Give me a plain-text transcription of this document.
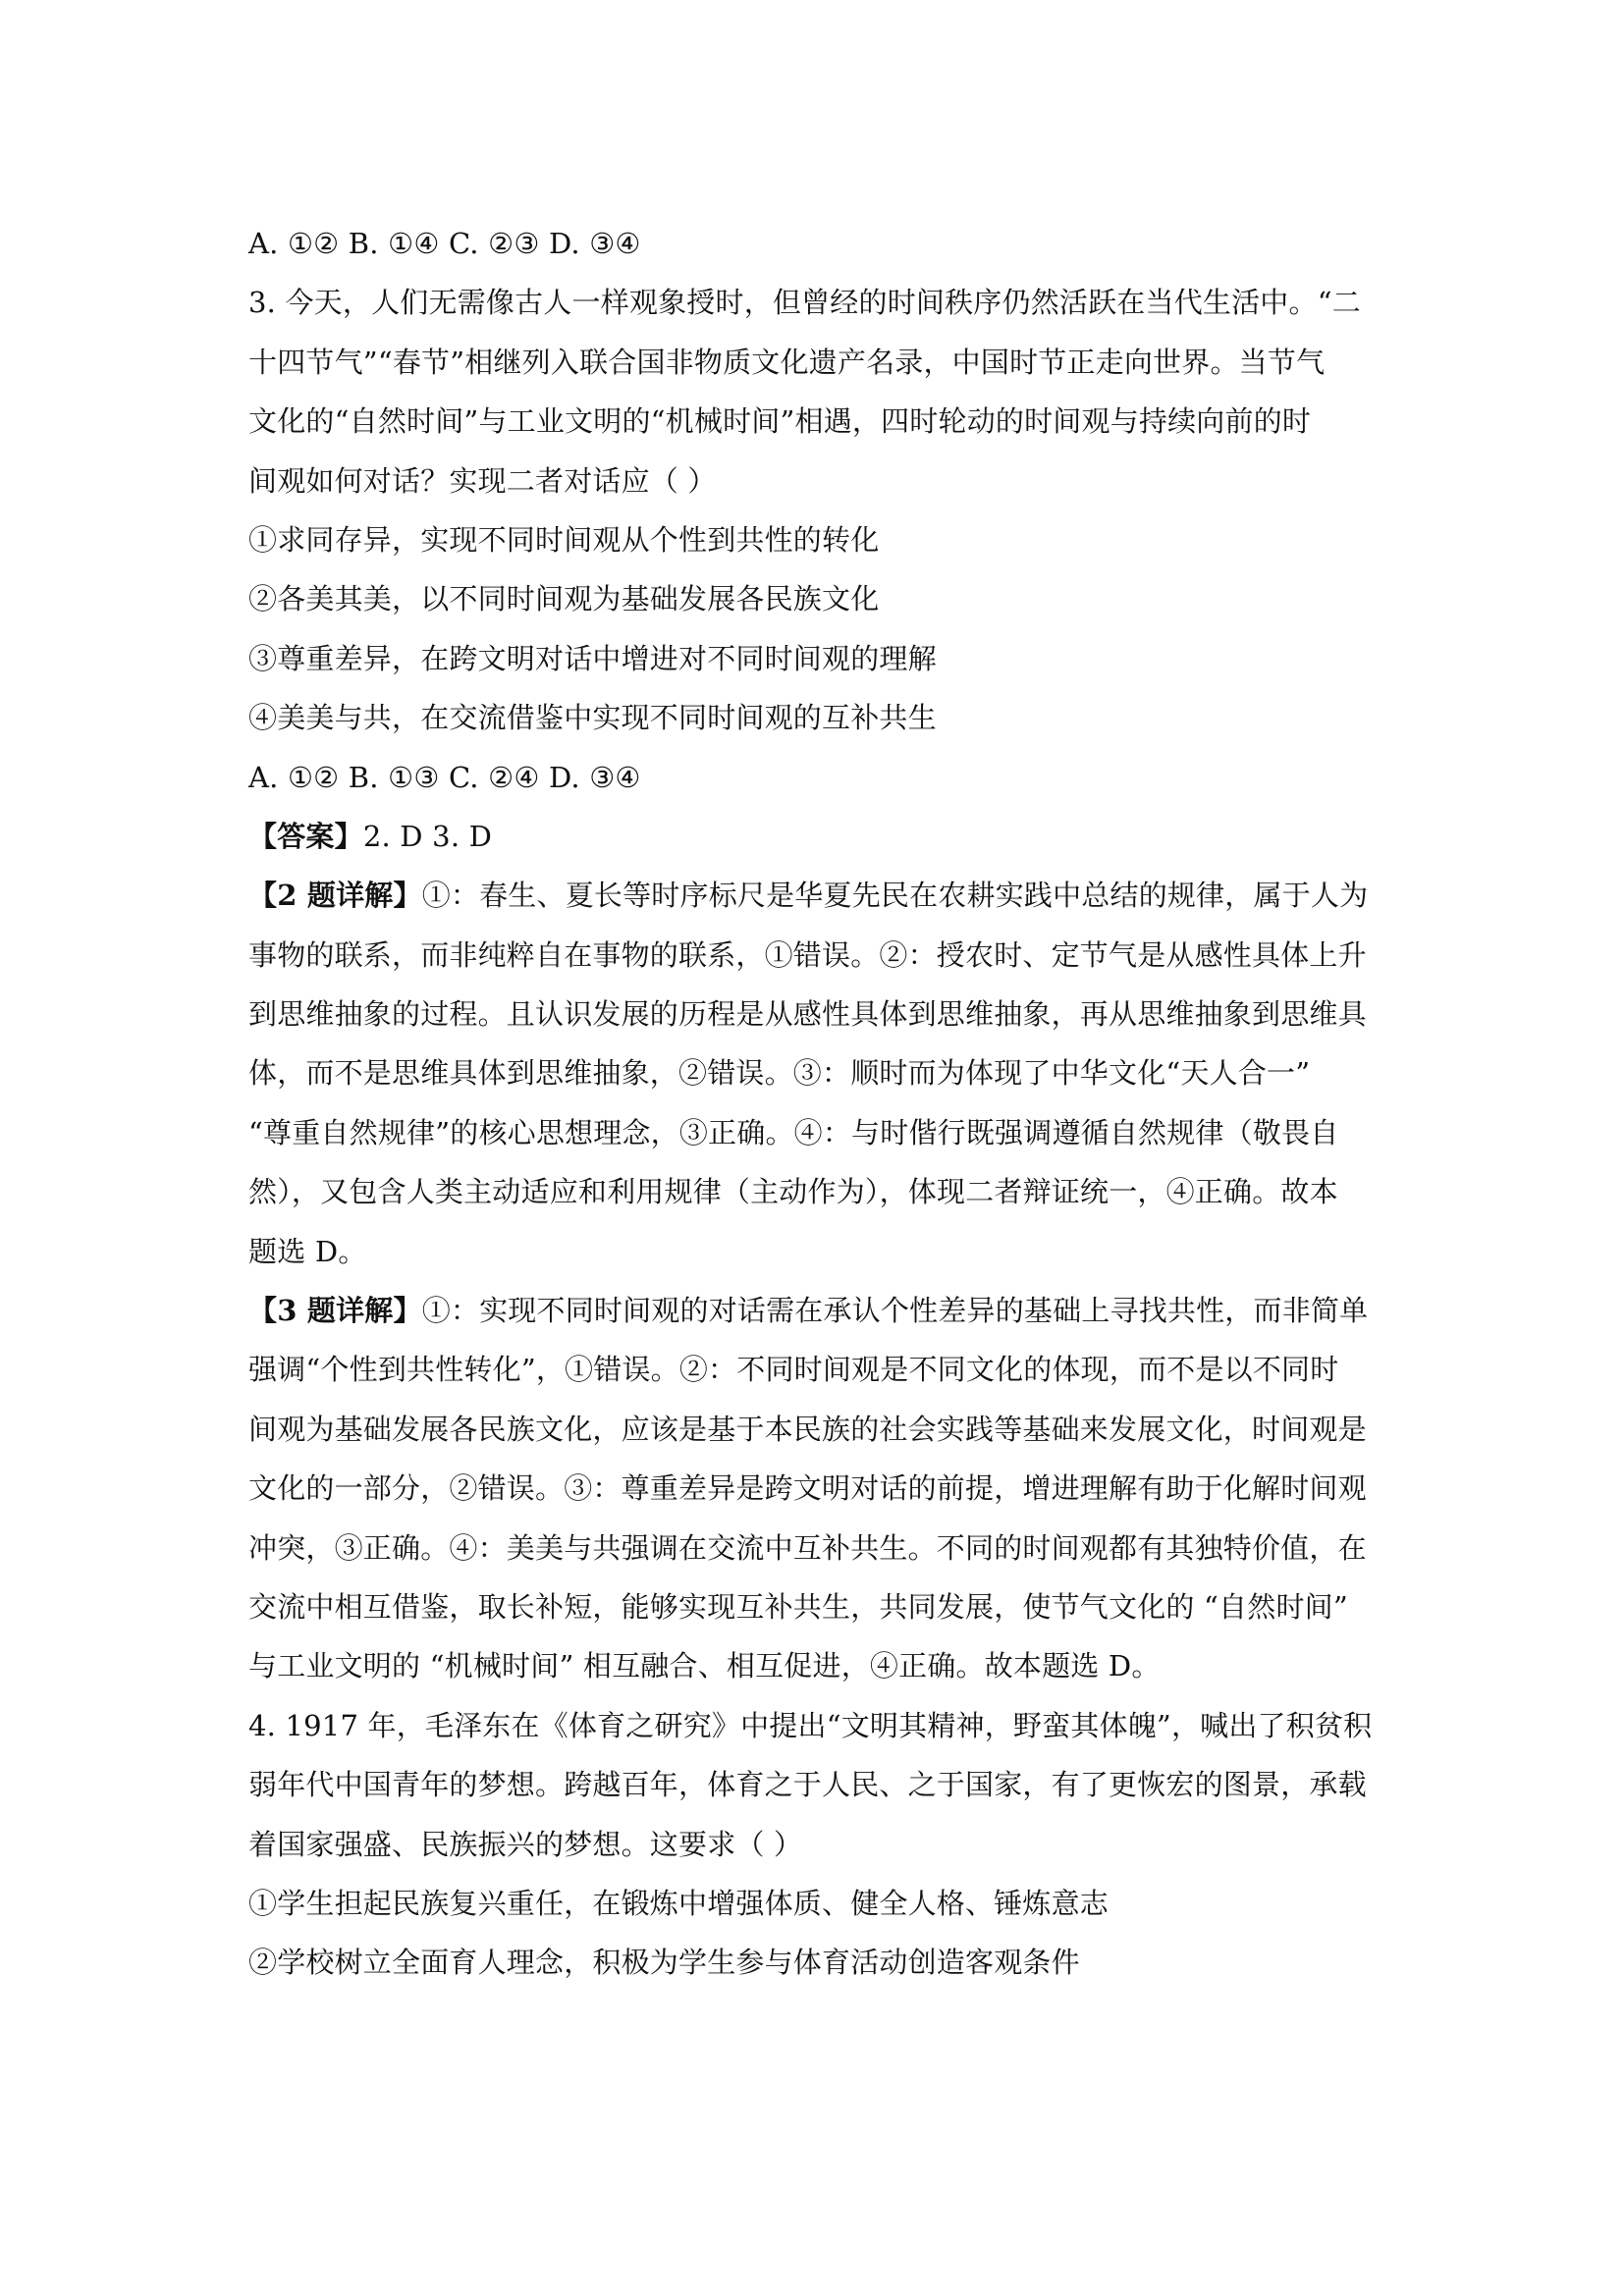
A. ①② B. ①④ C. ②③ D. ③④
3. 今天，人们无需像古人一样观象授时，但曾经的时间秩序仍然活跃在当代生活中。“二
十四节气”“春节”相继列入联合国非物质文化遗产名录，中国时节正走向世界。当节气
文化的“自然时间”与工业文明的“机械时间”相遇，四时轮动的时间观与持续向前的时
间观如何对话？实现二者对话应（ ）
①求同存异，实现不同时间观从个性到共性的转化
②各美其美，以不同时间观为基础发展各民族文化
③尊重差异，在跨文明对话中增进对不同时间观的理解
④美美与共，在交流借鉴中实现不同时间观的互补共生
A. ①② B. ①③ C. ②④ D. ③④
【答案】2. D 3. D
【2 题详解】①：春生、夏长等时序标尺是华夏先民在农耕实践中总结的规律，属于人为
事物的联系，而非纯粹自在事物的联系，①错误。②：授农时、定节气是从感性具体上升
到思维抽象的过程。且认识发展的历程是从感性具体到思维抽象，再从思维抽象到思维具
体，而不是思维具体到思维抽象，②错误。③：顺时而为体现了中华文化“天人合一”
“尊重自然规律”的核心思想理念，③正确。④：与时偕行既强调遵循自然规律（敬畏自
然），又包含人类主动适应和利用规律（主动作为），体现二者辩证统一，④正确。故本
题选 D。
【3 题详解】①：实现不同时间观的对话需在承认个性差异的基础上寻找共性，而非简单
强调“个性到共性转化”，①错误。②：不同时间观是不同文化的体现，而不是以不同时
间观为基础发展各民族文化，应该是基于本民族的社会实践等基础来发展文化，时间观是
文化的一部分，②错误。③：尊重差异是跨文明对话的前提，增进理解有助于化解时间观
冲突，③正确。④：美美与共强调在交流中互补共生。不同的时间观都有其独特价值，在
交流中相互借鉴，取长补短，能够实现互补共生，共同发展，使节气文化的 “自然时间”
与工业文明的 “机械时间” 相互融合、相互促进，④正确。故本题选 D。
4. 1917 年，毛泽东在《体育之研究》中提出“文明其精神，野蛮其体魄”，喊出了积贫积
弱年代中国青年的梦想。跨越百年，体育之于人民、之于国家，有了更恢宏的图景，承载
着国家强盛、民族振兴的梦想。这要求（ ）
①学生担起民族复兴重任，在锻炼中增强体质、健全人格、锤炼意志
②学校树立全面育人理念，积极为学生参与体育活动创造客观条件
